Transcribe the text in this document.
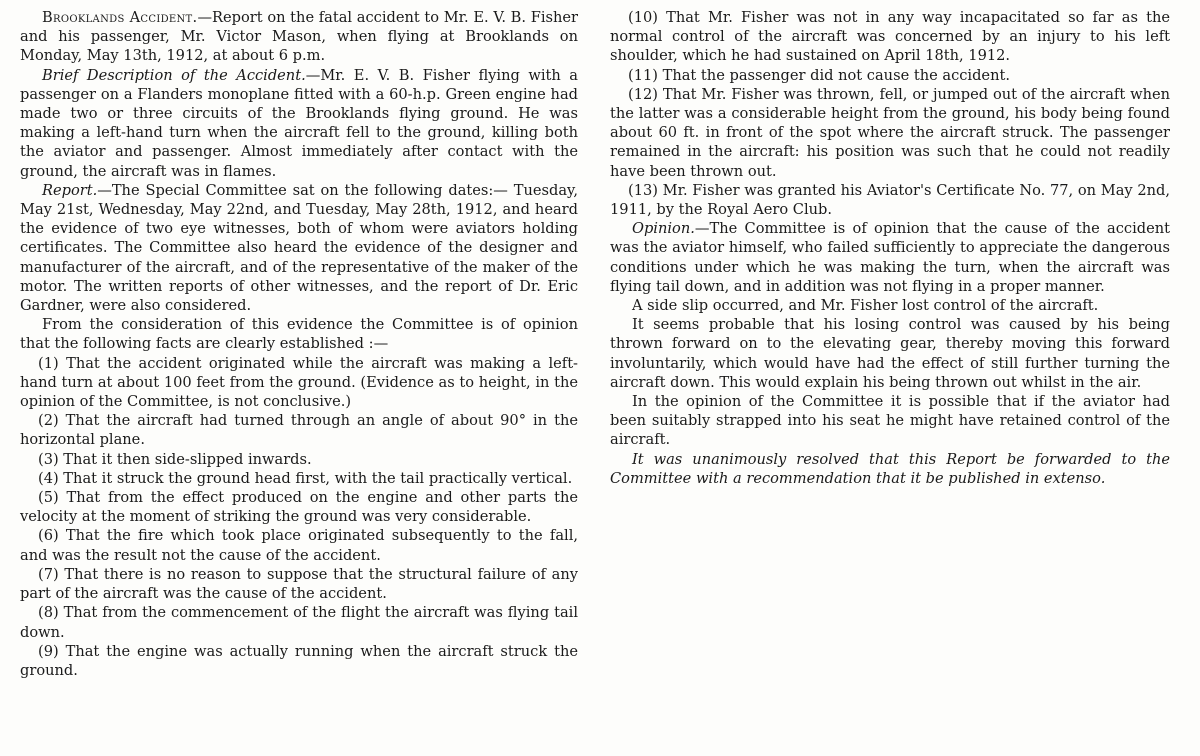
Brooklands Accident.—Report on the fatal accident to Mr. E. V. B. Fisher and his passenger, Mr. Victor Mason, when flying at Brooklands on Monday, May 13th, 1912, at about 6 p.m.

Brief Description of the Accident.—Mr. E. V. B. Fisher flying with a passenger on a Flanders monoplane fitted with a 60-h.p. Green engine had made two or three circuits of the Brooklands flying ground. He was making a left-hand turn when the aircraft fell to the ground, killing both the aviator and passenger. Almost immediately after contact with the ground, the aircraft was in flames.

Report.—The Special Committee sat on the following dates:— Tuesday, May 21st, Wednesday, May 22nd, and Tuesday, May 28th, 1912, and heard the evidence of two eye witnesses, both of whom were aviators holding certificates. The Committee also heard the evidence of the designer and manufacturer of the aircraft, and of the representative of the maker of the motor. The written reports of other witnesses, and the report of Dr. Eric Gardner, were also considered.

From the consideration of this evidence the Committee is of opinion that the following facts are clearly established :—

(1) That the accident originated while the aircraft was making a left-hand turn at about 100 feet from the ground. (Evidence as to height, in the opinion of the Committee, is not conclusive.)

(2) That the aircraft had turned through an angle of about 90° in the horizontal plane.

(3) That it then side-slipped inwards.

(4) That it struck the ground head first, with the tail practically vertical.

(5) That from the effect produced on the engine and other parts the velocity at the moment of striking the ground was very considerable.

(6) That the fire which took place originated subsequently to the fall, and was the result not the cause of the accident.

(7) That there is no reason to suppose that the structural failure of any part of the aircraft was the cause of the accident.

(8) That from the commencement of the flight the aircraft was flying tail down.

(9) That the engine was actually running when the aircraft struck the ground.

(10) That Mr. Fisher was not in any way incapacitated so far as the normal control of the aircraft was concerned by an injury to his left shoulder, which he had sustained on April 18th, 1912.

(11) That the passenger did not cause the accident.

(12) That Mr. Fisher was thrown, fell, or jumped out of the aircraft when the latter was a considerable height from the ground, his body being found about 60 ft. in front of the spot where the aircraft struck. The passenger remained in the aircraft: his position was such that he could not readily have been thrown out.

(13) Mr. Fisher was granted his Aviator's Certificate No. 77, on May 2nd, 1911, by the Royal Aero Club.

Opinion.—The Committee is of opinion that the cause of the accident was the aviator himself, who failed sufficiently to appreciate the dangerous conditions under which he was making the turn, when the aircraft was flying tail down, and in addition was not flying in a proper manner.

A side slip occurred, and Mr. Fisher lost control of the aircraft.

It seems probable that his losing control was caused by his being thrown forward on to the elevating gear, thereby moving this forward involuntarily, which would have had the effect of still further turning the aircraft down. This would explain his being thrown out whilst in the air.

In the opinion of the Committee it is possible that if the aviator had been suitably strapped into his seat he might have retained control of the aircraft.

It was unanimously resolved that this Report be forwarded to the Committee with a recommendation that it be published in extenso.
